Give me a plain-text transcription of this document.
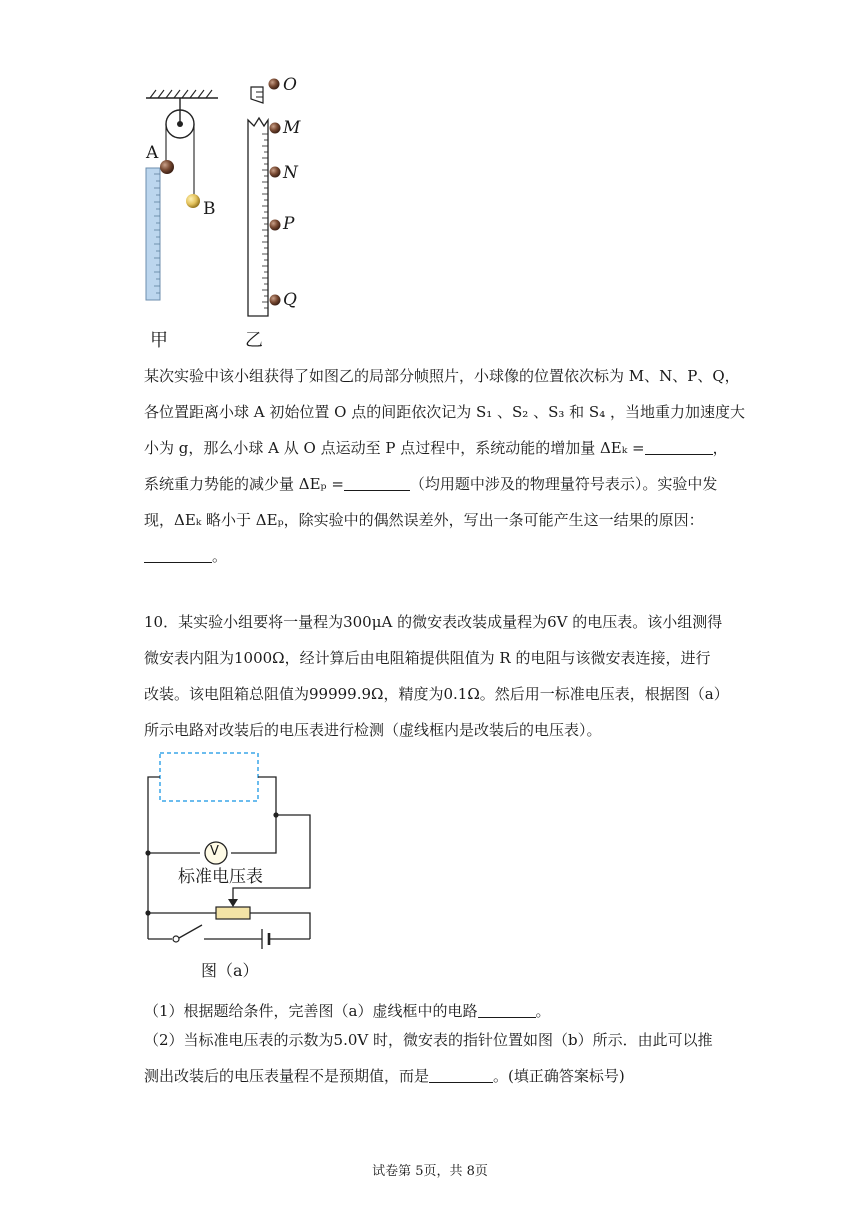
A
B
O
M
N
P
Q
甲	乙
某次实验中该小组获得了如图乙的局部分帧照片，小球像的位置依次标为 M、N、P、Q，
各位置距离小球 A 初始位置 O 点的间距依次记为 S₁ 、S₂ 、S₃ 和 S₄ ，当地重力加速度大
小为 g，那么小球 A 从 O 点运动至 P 点过程中，系统动能的增加量 ΔEₖ =	，
系统重力势能的减少量 ΔEₚ =	（均用题中涉及的物理量符号表示）。实验中发
现，ΔEₖ 略小于 ΔEₚ，除实验中的偶然误差外，写出一条可能产生这一结果的原因：
。
10．某实验小组要将一量程为300μA 的微安表改装成量程为6V 的电压表。该小组测得
微安表内阻为1000Ω，经计算后由电阻箱提供阻值为 R 的电阻与该微安表连接，进行
改装。该电阻箱总阻值为99999.9Ω，精度为0.1Ω。然后用一标准电压表，根据图（a）
所示电路对改装后的电压表进行检测（虚线框内是改装后的电压表）。
V
标准电压表
图（a）
（1）根据题给条件，完善图（a）虚线框中的电路	。
（2）当标准电压表的示数为5.0V 时，微安表的指针位置如图（b）所示．由此可以推
测出改装后的电压表量程不是预期值，而是	。(填正确答案标号)
试卷第 5页，共 8页
